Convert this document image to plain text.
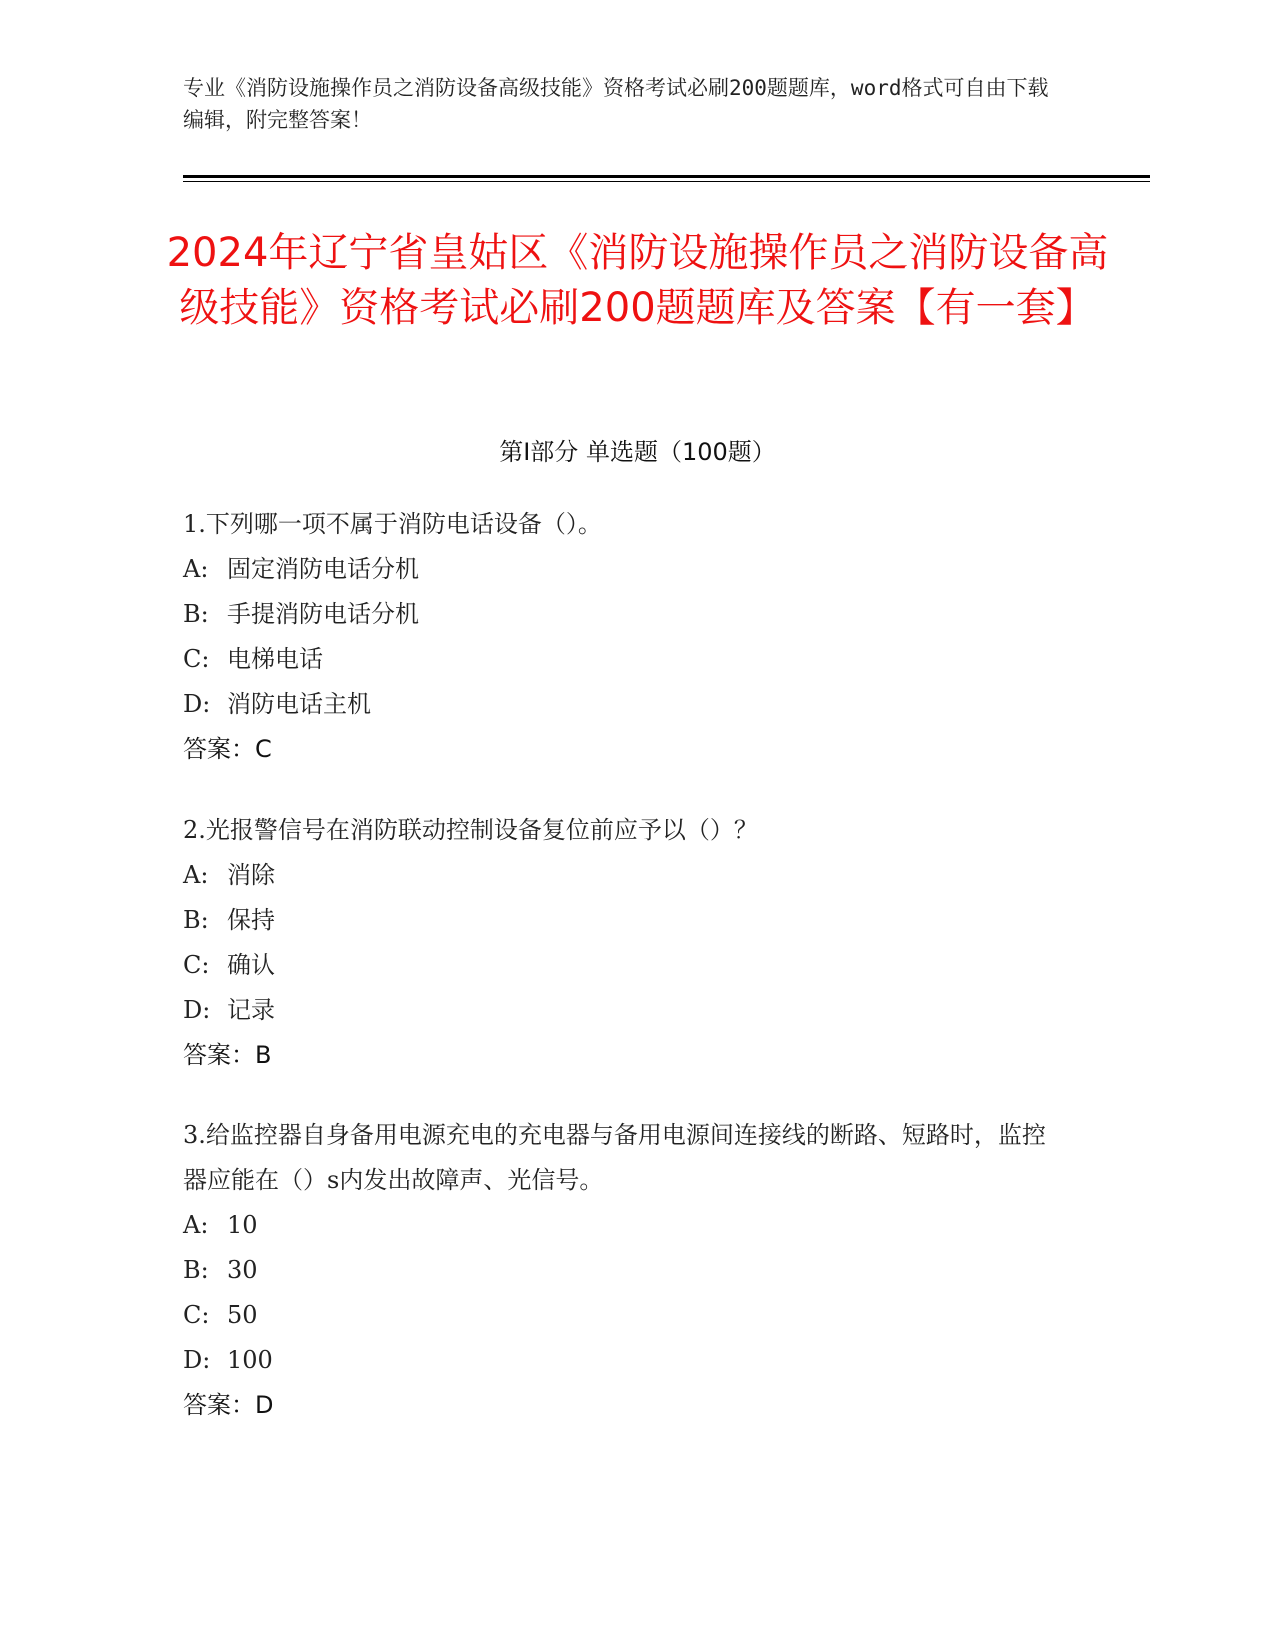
专业《消防设施操作员之消防设备高级技能》资格考试必刷200题题库，word格式可自由下载编辑，附完整答案！
2024年辽宁省皇姑区《消防设施操作员之消防设备高级技能》资格考试必刷200题题库及答案【有一套】
第Ⅰ部分 单选题（100题）
1.下列哪一项不属于消防电话设备（）。
A: 固定消防电话分机
B: 手提消防电话分机
C: 电梯电话
D: 消防电话主机
答案：C
2.光报警信号在消防联动控制设备复位前应予以（）？
A: 消除
B: 保持
C: 确认
D: 记录
答案：B
3.给监控器自身备用电源充电的充电器与备用电源间连接线的断路、短路时，监控器应能在（）s内发出故障声、光信号。
A: 10
B: 30
C: 50
D: 100
答案：D
